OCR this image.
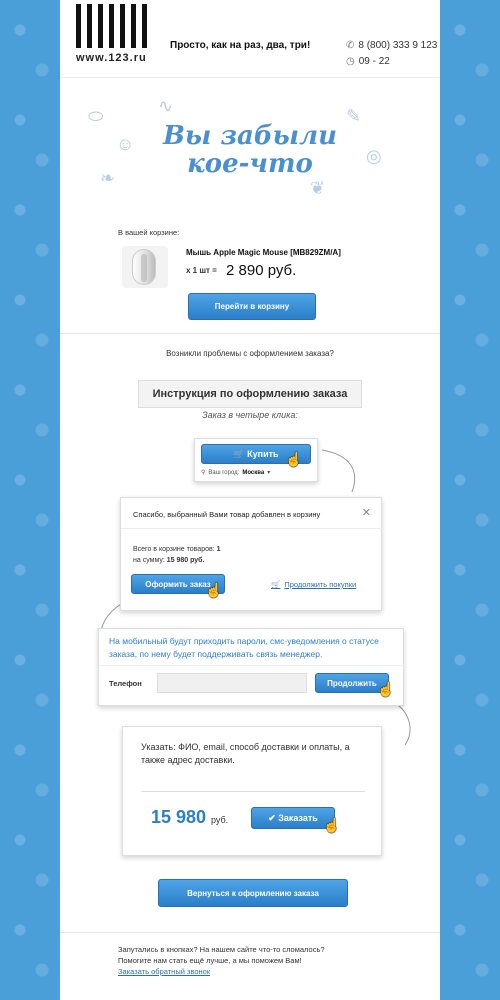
www.123.ru
Просто, как на раз, два, три!	✆ 8 (800) 333 9 123
◷ 09 - 22
⬭
☺
❧
∿	✎
◎
❦
Вы забыли
кое-что
В вашей корзине:
Мышь Apple Magic Mouse [MB829ZM/A]
x 1 шт = 2 890 руб.
Перейти в корзину
Возникли проблемы с оформлением заказа?
Инструкция по оформлению заказа
Заказ в четыре клика:
🛒 Купить ☝
⚲ Ваш город: Москва ▾
Спасибо, выбранный Вами товар добавлен в корзину	✕
Всего в корзине товаров: 1
на сумму: 15 980 руб.
Оформить заказ
☝	🛒 Продолжить покупки
На мобильный будут приходить пароли, смс-уведомления о статусе заказа, по нему будет поддерживать связь менеджер.
Телефон	Продолжить ☝
Указать: ФИО, email, способ доставки и оплаты, а также адрес доставки.
15 980 руб.	✔ Заказать ☝
Вернуться к оформлению заказа
Запутались в кнопках? На нашем сайте что-то сломалось?
Помогите нам стать ещё лучше, а мы поможем Вам!
Заказать обратный звонок
